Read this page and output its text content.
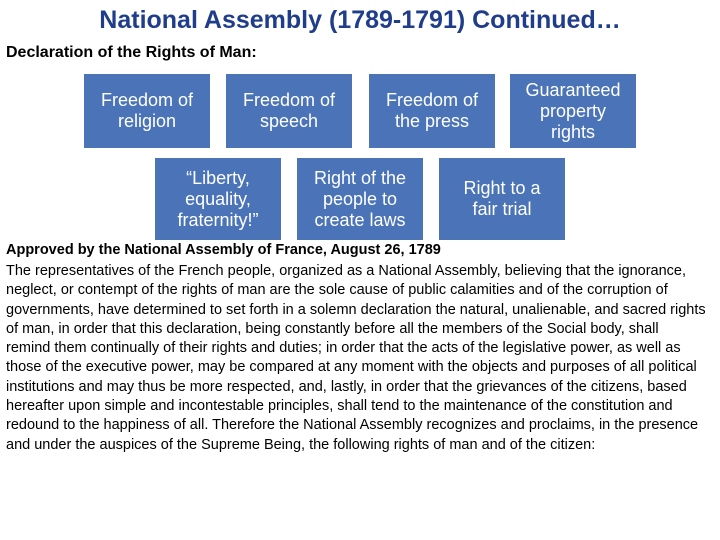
National Assembly (1789-1791) Continued…
Declaration of the Rights of Man:
Freedom of religion
Freedom of speech
Freedom of the press
Guaranteed property rights
“Liberty, equality, fraternity!”
Right of the people to create laws
Right to a fair trial
Approved by the National Assembly of France, August 26, 1789
The representatives of the French people, organized as a National Assembly, believing that the ignorance, neglect, or contempt of the rights of man are the sole cause of public calamities and of the corruption of governments, have determined to set forth in a solemn declaration the natural, unalienable, and sacred rights of man, in order that this declaration, being constantly before all the members of the Social body, shall remind them continually of their rights and duties; in order that the acts of the legislative power, as well as those of the executive power, may be compared at any moment with the objects and purposes of all political institutions and may thus be more respected, and, lastly, in order that the grievances of the citizens, based hereafter upon simple and incontestable principles, shall tend to the maintenance of the constitution and redound to the happiness of all. Therefore the National Assembly recognizes and proclaims, in the presence and under the auspices of the Supreme Being, the following rights of man and of the citizen:
